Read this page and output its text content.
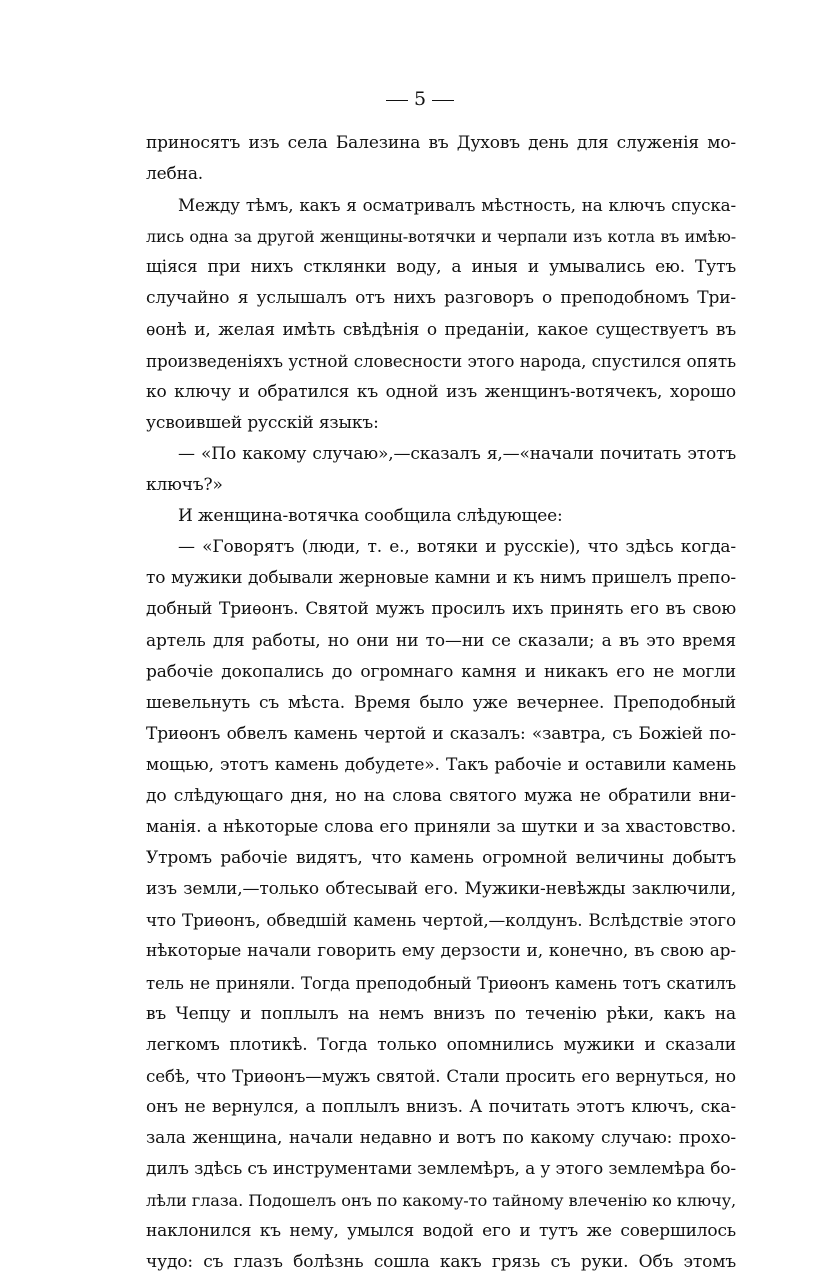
5
приносятъ изъ села Балезина въ Духовъ день для служенія мо-
лебна.
Между тѣмъ, какъ я осматривалъ мѣстность, на ключъ спуска-
лись одна за другой женщины-вотячки и черпали изъ котла въ имѣю-
щіяся при нихъ стклянки воду, а иныя и умывались ею. Тутъ
случайно я услышалъ отъ нихъ разговоръ о преподобномъ Три-
ѳонѣ и, желая имѣть свѣдѣнія о преданіи, какое существуетъ въ
произведеніяхъ устной словесности этого народа, спустился опять
ко ключу и обратился къ одной изъ женщинъ-вотячекъ, хорошо
усвоившей русскій языкъ:
— «По какому случаю»,—сказалъ я,—«начали почитать этотъ
ключъ?»
И женщина-вотячка сообщила слѣдующее:
— «Говорятъ (люди, т. е., вотяки и русскіе), что здѣсь когда-
то мужики добывали жерновые камни и къ нимъ пришелъ препо-
добный Триѳонъ. Святой мужъ просилъ ихъ принять его въ свою
артель для работы, но они ни то—ни се сказали; а въ это время
рабочіе докопались до огромнаго камня и никакъ его не могли
шевельнуть съ мѣста. Время было уже вечернее. Преподобный
Триѳонъ обвелъ камень чертой и сказалъ: «завтра, съ Божіей по-
мощью, этотъ камень добудете». Такъ рабочіе и оставили камень
до слѣдующаго дня, но на слова святого мужа не обратили вни-
манія. а нѣкоторые слова его приняли за шутки и за хвастовство.
Утромъ рабочіе видятъ, что камень огромной величины добытъ
изъ земли,—только обтесывай его. Мужики-невѣжды заключили,
что Триѳонъ, обведшій камень чертой,—колдунъ. Вслѣдствіе этого
нѣкоторые начали говорить ему дерзости и, конечно, въ свою ар-
тель не приняли. Тогда преподобный Триѳонъ камень тотъ скатилъ
въ Чепцу и поплылъ на немъ внизъ по теченію рѣки, какъ на
легкомъ плотикѣ. Тогда только опомнились мужики и сказали
себѣ, что Триѳонъ—мужъ святой. Стали просить его вернуться, но
онъ не вернулся, а поплылъ внизъ. А почитать этотъ ключъ, ска-
зала женщина, начали недавно и вотъ по какому случаю: прохо-
дилъ здѣсь съ инструментами землемѣръ, а у этого землемѣра бо-
лѣли глаза. Подошелъ онъ по какому-то тайному влеченію ко ключу,
наклонился къ нему, умылся водой его и тутъ же совершилось
чудо: съ глазъ болѣзнь сошла какъ грязь съ руки. Объ этомъ
